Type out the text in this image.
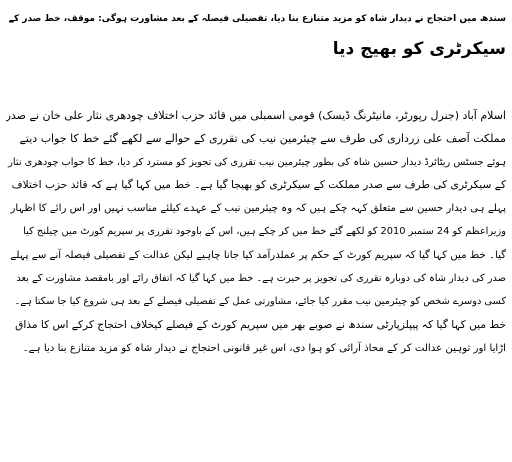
سندھ میں احتجاج نے دیدار شاہ کو مزید متنازع بنا دیا، تفصیلی فیصلہ کے بعد مشاورت ہوگی: موقف، خط صدر کے
سیکرٹری کو بھیج دیا
اسلام آباد (جنرل رپورٹر، مانیٹرنگ ڈیسک) قومی اسمبلی میں قائد حزب اختلاف چودھری نثار علی خان نے صدر
مملکت آصف علی زرداری کی طرف سے چیئرمین نیب کی تقرری کے حوالے سے لکھے گئے خط کا جواب دیتے
ہوئے جسٹس ریٹائرڈ دیدار حسین شاہ کی بطور چیئرمین نیب تقرری کی تجویز کو مسترد کر دیا، خط کا جواب چودھری نثار
کے سیکرٹری کی طرف سے صدر مملکت کے سیکرٹری کو بھیجا گیا ہے۔ خط میں کہا گیا ہے کہ قائد حزب اختلاف
پہلے ہی دیدار حسین سے متعلق کہہ چکے ہیں کہ وہ چیئرمین نیب کے عہدے کیلئے مناسب نہیں اور اس رائے کا اظہار
وزیراعظم کو 24 ستمبر 2010 کو لکھے گئے خط میں کر چکے ہیں، اس کے باوجود تقرری پر سپریم کورٹ میں چیلنج کیا
گیا۔ خط میں کہا گیا کہ سپریم کورٹ کے حکم پر عملدرآمد کیا جانا چاہیے لیکن عدالت کے تفصیلی فیصلہ آنے سے پہلے
صدر کی دیدار شاہ کی دوبارہ تقرری کی تجویز پر حیرت ہے۔ خط میں کہا گیا کہ اتفاق رائے اور بامقصد مشاورت کے بعد
کسی دوسرے شخص کو چیئرمین نیب مقرر کیا جائے، مشاورتی عمل کے تفصیلی فیصلے کے بعد ہی شروع کیا جا سکتا ہے۔
خط میں کہا گیا کہ پیپلزپارٹی سندھ نے صوبے بھر میں سپریم کورٹ کے فیصلے کیخلاف احتجاج کرکے اس کا مذاق
اڑایا اور توہین عدالت کر کے محاذ آرائی کو ہوا دی، اس غیر قانونی احتجاج نے دیدار شاہ کو مزید متنازع بنا دیا ہے۔
